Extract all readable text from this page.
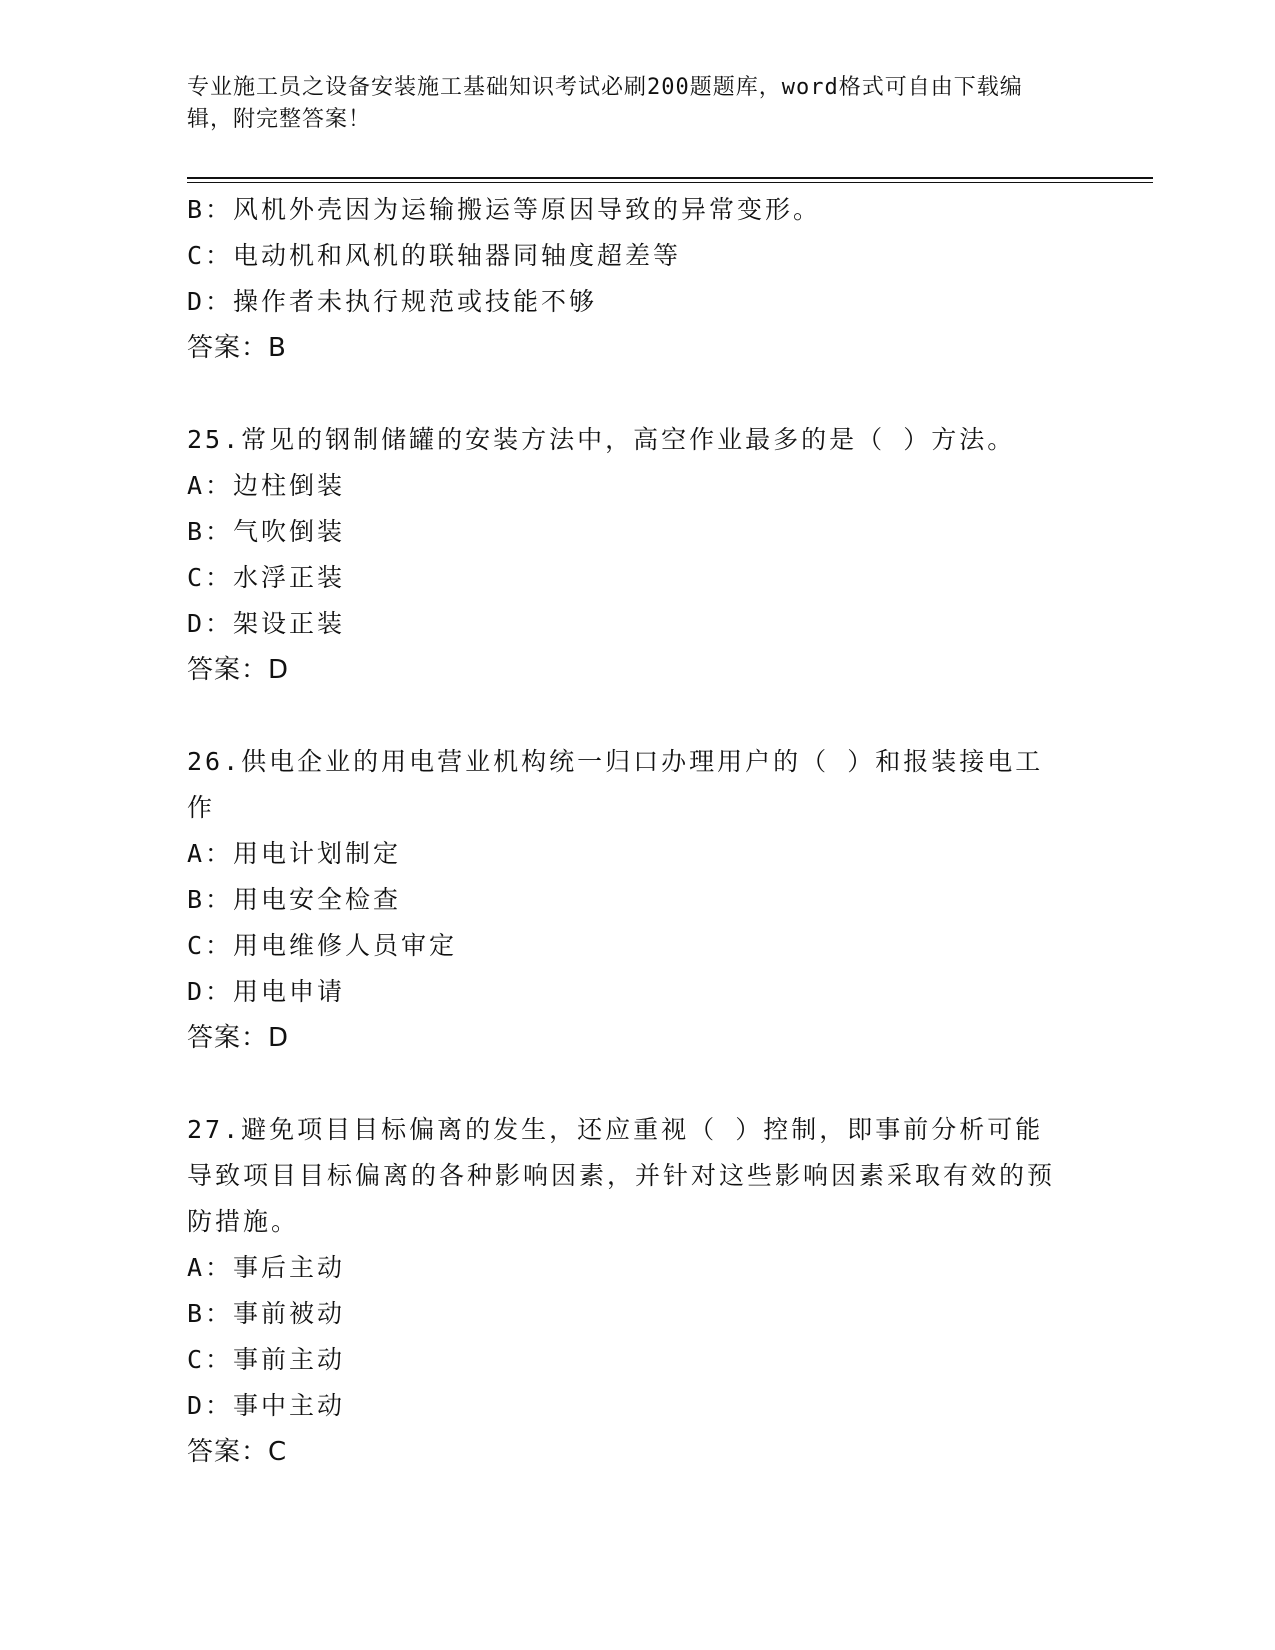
专业施工员之设备安装施工基础知识考试必刷200题题库，word格式可自由下载编辑，附完整答案！
B：风机外壳因为运输搬运等原因导致的异常变形。
C：电动机和风机的联轴器同轴度超差等
D：操作者未执行规范或技能不够
答案：B
25.常见的钢制储罐的安装方法中，高空作业最多的是（ ）方法。
A：边柱倒装
B：气吹倒装
C：水浮正装
D：架设正装
答案：D
26.供电企业的用电营业机构统一归口办理用户的（ ）和报装接电工作
A：用电计划制定
B：用电安全检查
C：用电维修人员审定
D：用电申请
答案：D
27.避免项目目标偏离的发生，还应重视（ ）控制，即事前分析可能导致项目目标偏离的各种影响因素，并针对这些影响因素采取有效的预防措施。
A：事后主动
B：事前被动
C：事前主动
D：事中主动
答案：C
